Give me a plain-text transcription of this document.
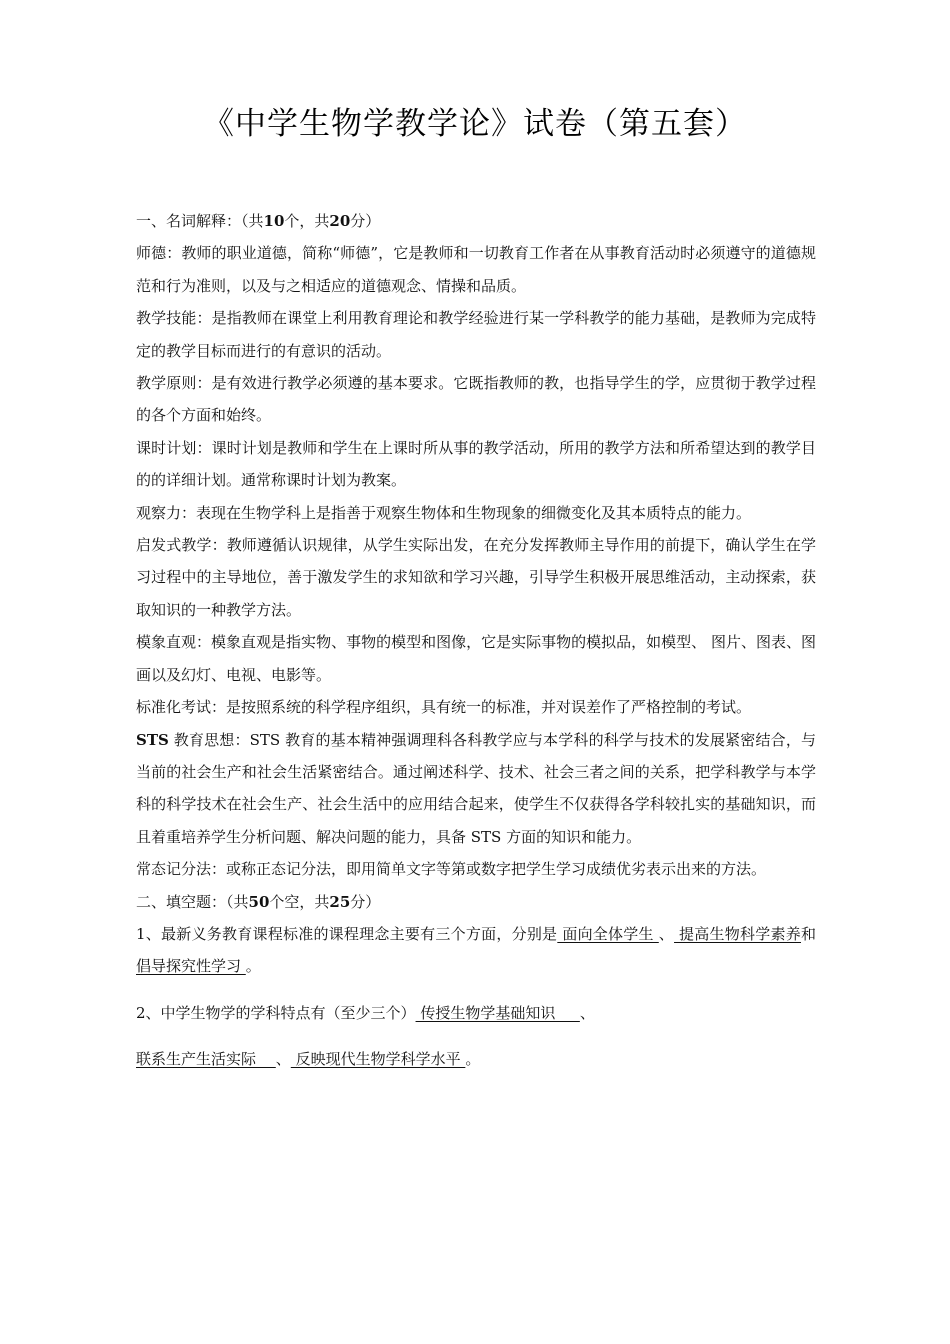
《中学生物学教学论》试卷（第五套）

一、名词解释：（共10个，共20分）

师德：教师的职业道德，简称“师德”，它是教师和一切教育工作者在从事教育活动时必须遵守的道德规范和行为准则，以及与之相适应的道德观念、情操和品质。

教学技能：是指教师在课堂上利用教育理论和教学经验进行某一学科教学的能力基础，是教师为完成特定的教学目标而进行的有意识的活动。

教学原则：是有效进行教学必须遵的基本要求。它既指教师的教，也指导学生的学，应贯彻于教学过程的各个方面和始终。

课时计划：课时计划是教师和学生在上课时所从事的教学活动，所用的教学方法和所希望达到的教学目的的详细计划。通常称课时计划为教案。

观察力：表现在生物学科上是指善于观察生物体和生物现象的细微变化及其本质特点的能力。

启发式教学：教师遵循认识规律，从学生实际出发，在充分发挥教师主导作用的前提下，确认学生在学习过程中的主导地位，善于激发学生的求知欲和学习兴趣，引导学生积极开展思维活动，主动探索，获取知识的一种教学方法。

模象直观：模象直观是指实物、事物的模型和图像，它是实际事物的模拟品，如模型、 图片、图表、图画以及幻灯、电视、电影等。

标准化考试：是按照系统的科学程序组织，具有统一的标准，并对误差作了严格控制的考试。

STS 教育思想：STS 教育的基本精神强调理科各科教学应与本学科的科学与技术的发展紧密结合，与当前的社会生产和社会生活紧密结合。通过阐述科学、技术、社会三者之间的关系，把学科教学与本学科的科学技术在社会生产、社会生活中的应用结合起来，使学生不仅获得各学科较扎实的基础知识，而且着重培养学生分析问题、解决问题的能力，具备 STS 方面的知识和能力。

常态记分法：或称正态记分法，即用简单文字等第或数字把学生学习成绩优劣表示出来的方法。

二、填空题：（共50个空，共25分）

1、最新义务教育课程标准的课程理念主要有三个方面，分别是 面向全体学生 、 提高生物科学素养和 倡导探究性学习 。

2、中学生物学的学科特点有（至少三个） 传授生物学基础知识 　 、

联系生产生活实际 　、 反映现代生物学科学水平 。
